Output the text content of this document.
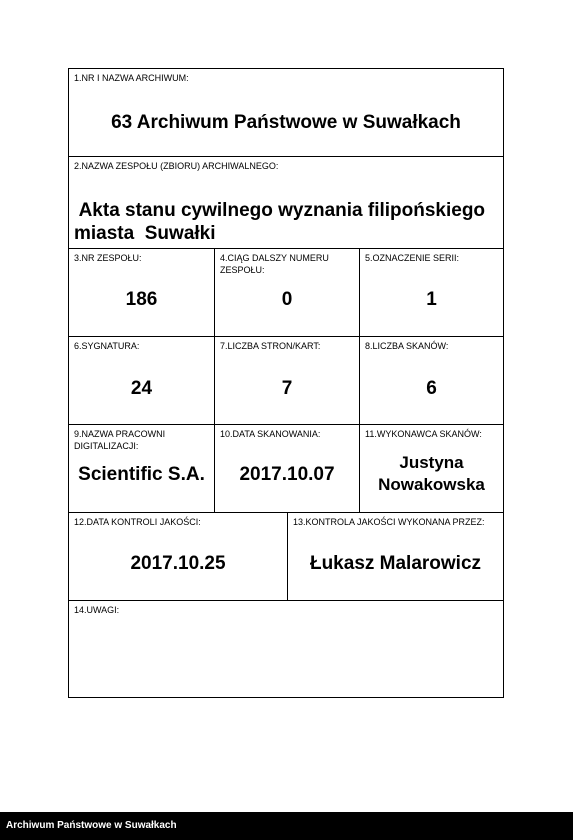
1.NR I NAZWA ARCHIWUM:
63 Archiwum Państwowe w Suwałkach
2.NAZWA ZESPOŁU (ZBIORU) ARCHIWALNEGO:
Akta stanu cywilnego wyznania filipońskiego
miasta  Suwałki
3.NR ZESPOŁU:
186
4.CIĄG DALSZY NUMERU ZESPOŁU:
0
5.OZNACZENIE SERII:
1
6.SYGNATURA:
24
7.LICZBA STRON/KART:
7
8.LICZBA SKANÓW:
6
9.NAZWA PRACOWNI DIGITALIZACJI:
Scientific S.A.
10.DATA SKANOWANIA:
2017.10.07
11.WYKONAWCA SKANÓW:
Justyna
Nowakowska
12.DATA KONTROLI JAKOŚCI:
2017.10.25
13.KONTROLA JAKOŚCI WYKONANA PRZEZ:
Łukasz Malarowicz
14.UWAGI:
Archiwum Państwowe w Suwałkach
